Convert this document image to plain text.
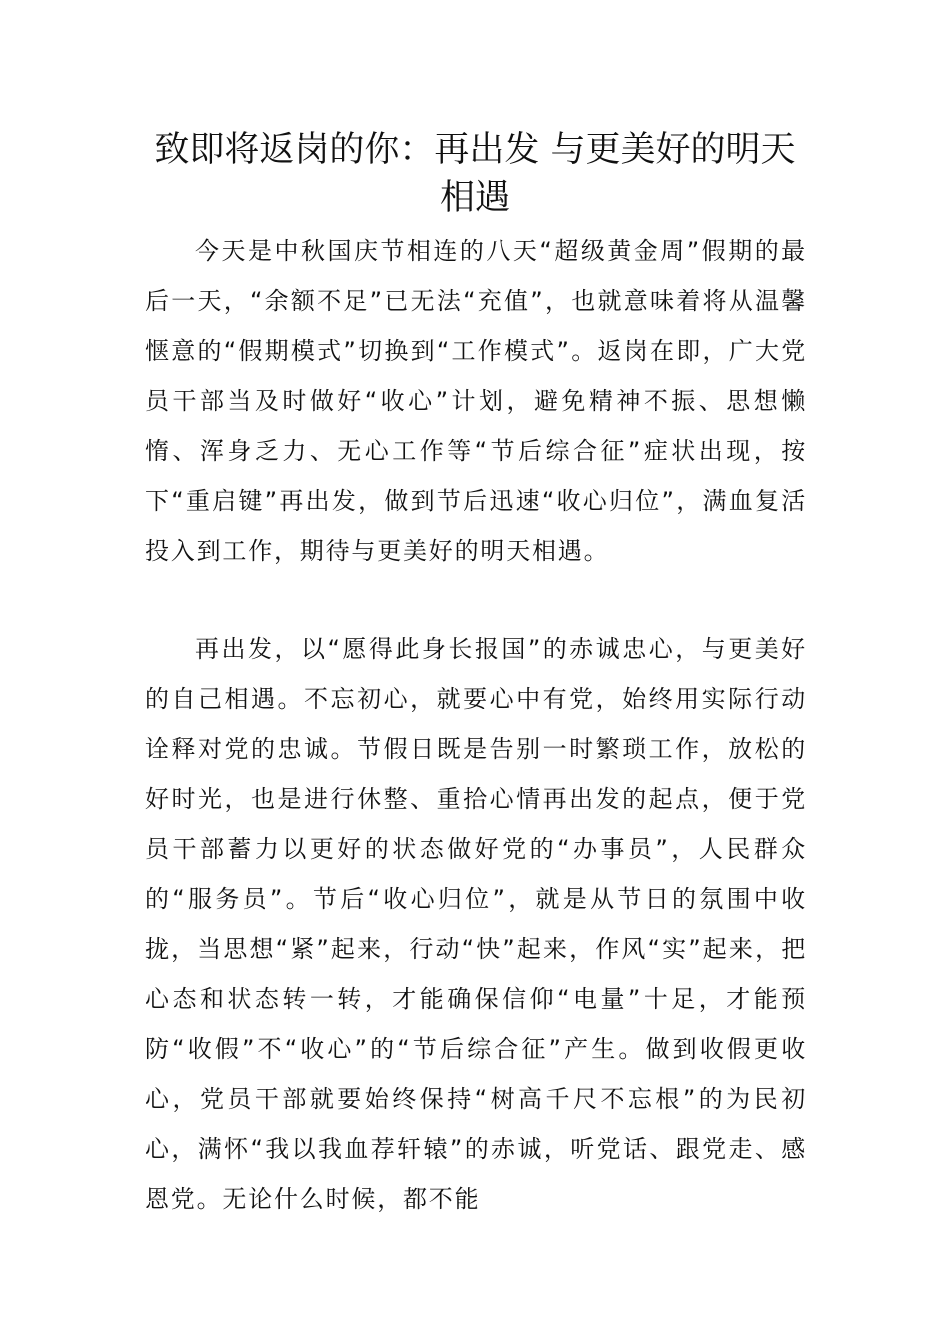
致即将返岗的你：再出发 与更美好的明天相遇

今天是中秋国庆节相连的八天“超级黄金周”假期的最后一天，“余额不足”已无法“充值”，也就意味着将从温馨惬意的“假期模式”切换到“工作模式”。返岗在即，广大党员干部当及时做好“收心”计划，避免精神不振、思想懒惰、浑身乏力、无心工作等“节后综合征”症状出现，按下“重启键”再出发，做到节后迅速“收心归位”，满血复活投入到工作，期待与更美好的明天相遇。

再出发，以“愿得此身长报国”的赤诚忠心，与更美好的自己相遇。不忘初心，就要心中有党，始终用实际行动诠释对党的忠诚。节假日既是告别一时繁琐工作，放松的好时光，也是进行休整、重拾心情再出发的起点，便于党员干部蓄力以更好的状态做好党的“办事员”，人民群众的“服务员”。节后“收心归位”，就是从节日的氛围中收拢，当思想“紧”起来，行动“快”起来，作风“实”起来，把心态和状态转一转，才能确保信仰“电量”十足，才能预防“收假”不“收心”的“节后综合征”产生。做到收假更收心，党员干部就要始终保持“树高千尺不忘根”的为民初心，满怀“我以我血荐轩辕”的赤诚，听党话、跟党走、感恩党。无论什么时候，都不能
